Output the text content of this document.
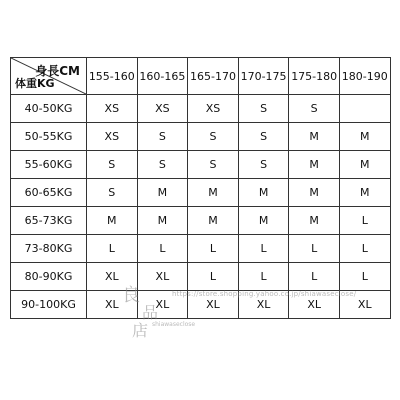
身長CM
体重KG	155-160	160-165	165-170	170-175	175-180	180-190
40-50KG	XS	XS	XS	S	S	
50-55KG	XS	S	S	S	M	M
55-60KG	S	S	S	S	M	M
60-65KG	S	M	M	M	M	M
65-73KG	M	M	M	M	M	L
73-80KG	L	L	L	L	L	L
80-90KG	XL	XL	L	L	L	L
90-100KG	XL	XL	XL	XL	XL	XL
https://store.shopping.yahoo.co.jp/shiawaseclose/
良
品
店 shiawaseclose
